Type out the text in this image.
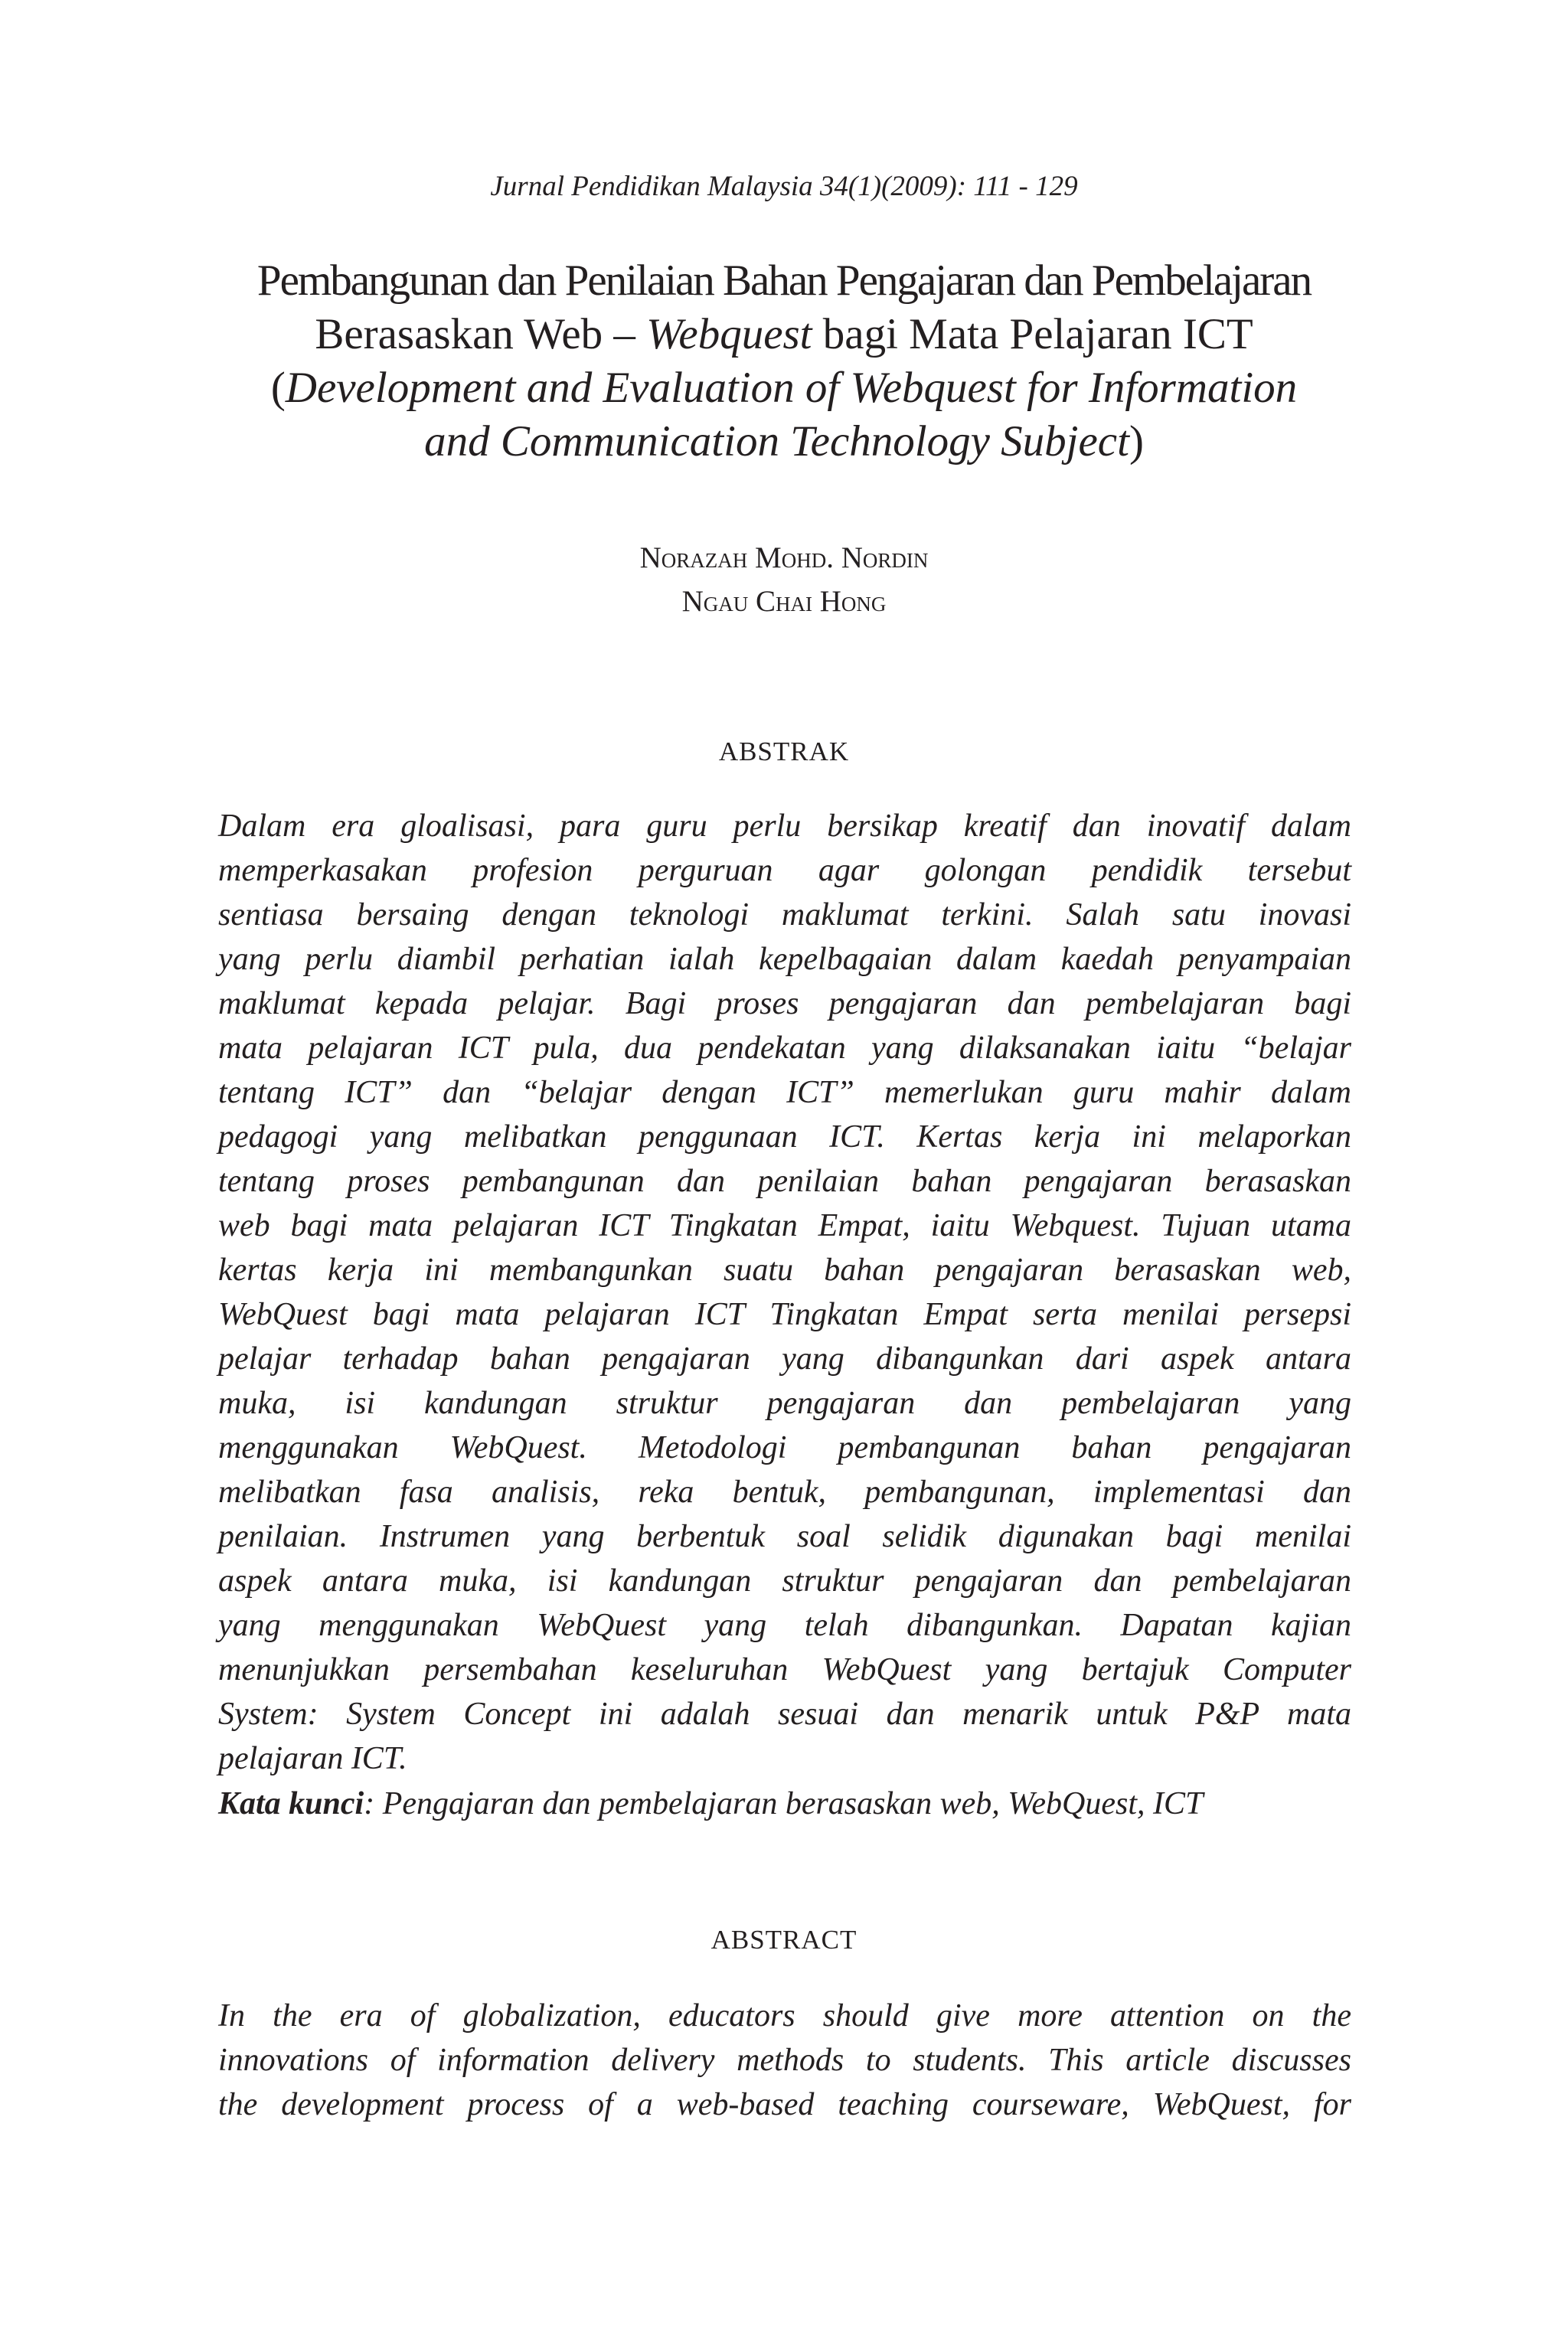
Jurnal Pendidikan Malaysia 34(1)(2009): 111 - 129
Pembangunan dan Penilaian Bahan Pengajaran dan Pembelajaran
Berasaskan Web – Webquest bagi Mata Pelajaran ICT
(Development and Evaluation of Webquest for Information
and Communication Technology Subject)
Norazah Mohd. Nordin
Ngau Chai Hong
ABSTRAK
Dalam era gloalisasi, para guru perlu bersikap kreatif dan inovatif dalam
memperkasakan profesion perguruan agar golongan pendidik tersebut
sentiasa bersaing dengan teknologi maklumat terkini. Salah satu inovasi
yang perlu diambil perhatian ialah kepelbagaian dalam kaedah penyampaian
maklumat kepada pelajar. Bagi proses pengajaran dan pembelajaran bagi
mata pelajaran ICT pula, dua pendekatan yang dilaksanakan iaitu “belajar
tentang ICT” dan “belajar dengan ICT” memerlukan guru mahir dalam
pedagogi yang melibatkan penggunaan ICT. Kertas kerja ini melaporkan
tentang proses pembangunan dan penilaian bahan pengajaran berasaskan
web bagi mata pelajaran ICT Tingkatan Empat, iaitu Webquest. Tujuan utama
kertas kerja ini membangunkan suatu bahan pengajaran berasaskan web,
WebQuest bagi mata pelajaran ICT Tingkatan Empat serta menilai persepsi
pelajar terhadap bahan pengajaran yang dibangunkan dari aspek antara
muka, isi kandungan struktur pengajaran dan pembelajaran yang
menggunakan WebQuest. Metodologi pembangunan bahan pengajaran
melibatkan fasa analisis, reka bentuk, pembangunan, implementasi dan
penilaian. Instrumen yang berbentuk soal selidik digunakan bagi menilai
aspek antara muka, isi kandungan struktur pengajaran dan pembelajaran
yang menggunakan WebQuest yang telah dibangunkan. Dapatan kajian
menunjukkan persembahan keseluruhan WebQuest yang bertajuk Computer
System: System Concept ini adalah sesuai dan menarik untuk P&P mata
pelajaran ICT.
Kata kunci: Pengajaran dan pembelajaran berasaskan web, WebQuest, ICT
ABSTRACT
In the era of globalization, educators should give more attention on the
innovations of information delivery methods to students. This article discusses
the development process of a web-based teaching courseware, WebQuest, for
